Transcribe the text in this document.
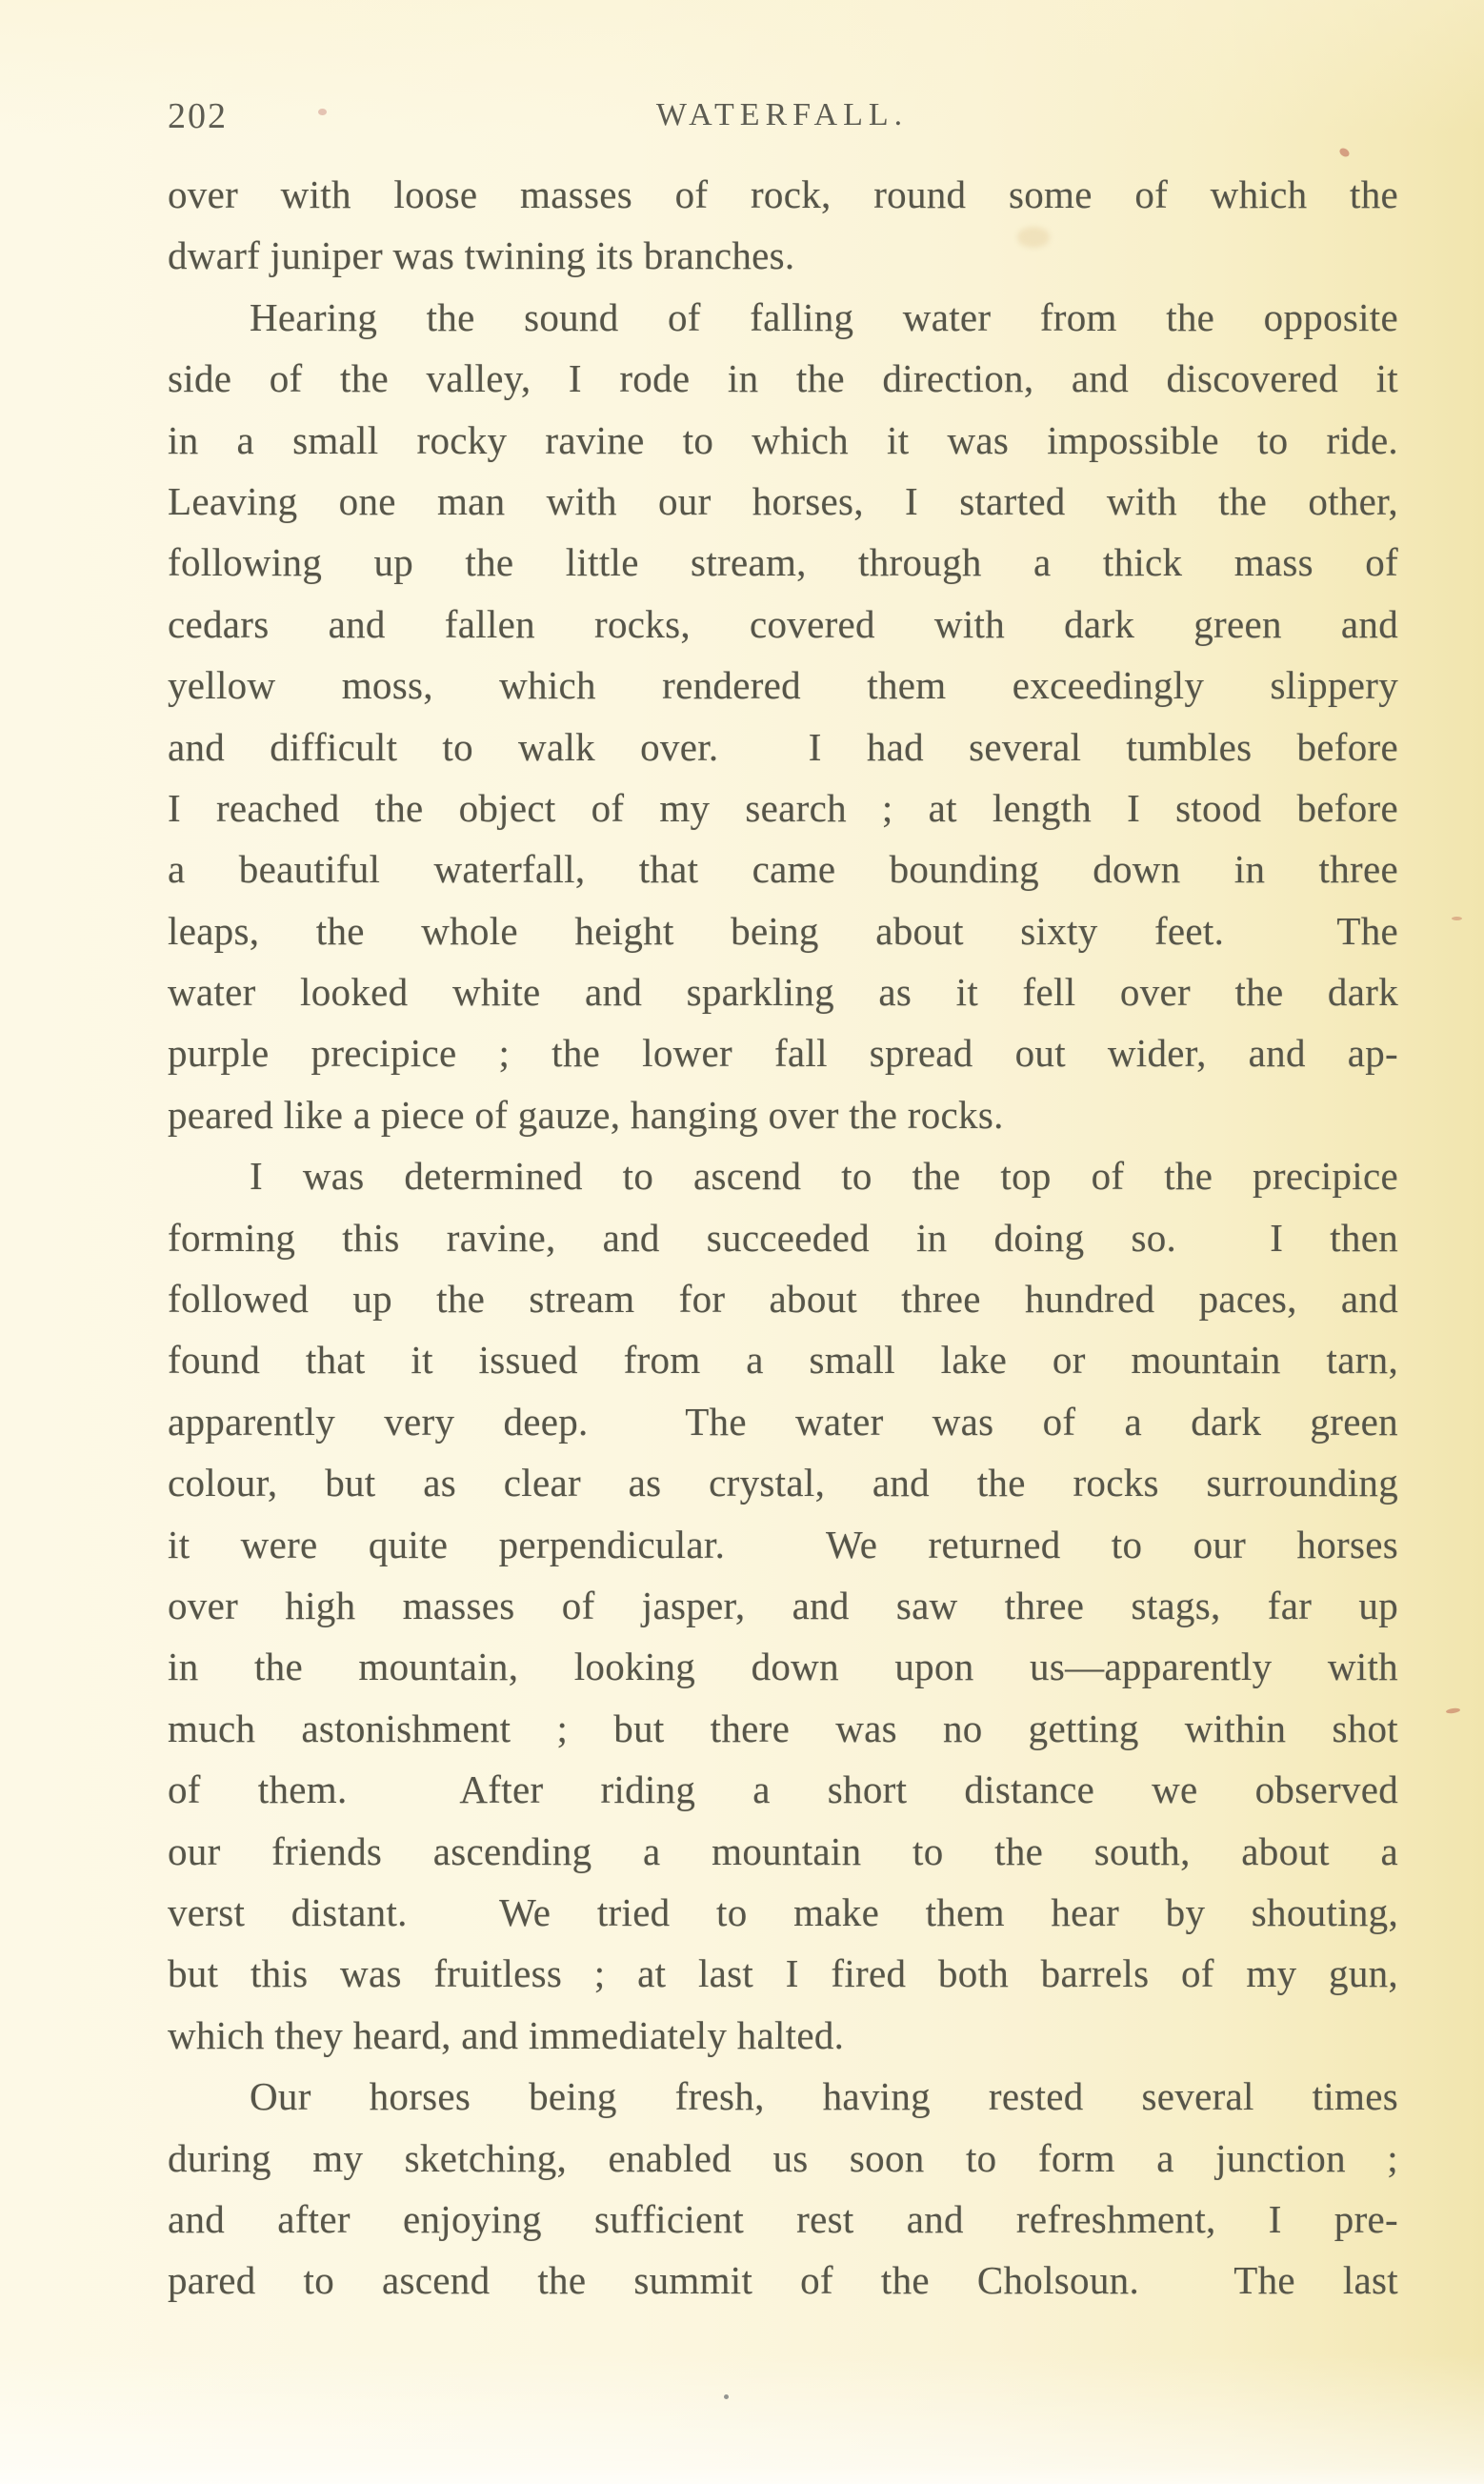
202	WATERFALL.
over with loose masses of rock, round some of which the
dwarf juniper was twining its branches.
Hearing the sound of falling water from the opposite
side of the valley, I rode in the direction, and discovered it
in a small rocky ravine to which it was impossible to ride.
Leaving one man with our horses, I started with the other,
following up the little stream, through a thick mass of
cedars and fallen rocks, covered with dark green and
yellow moss, which rendered them exceedingly slippery
and difficult to walk over.  I had several tumbles before
I reached the object of my search ; at length I stood before
a beautiful waterfall, that came bounding down in three
leaps, the whole height being about sixty feet.  The
water looked white and sparkling as it fell over the dark
purple precipice ; the lower fall spread out wider, and ap-
peared like a piece of gauze, hanging over the rocks.
I was determined to ascend to the top of the precipice
forming this ravine, and succeeded in doing so.  I then
followed up the stream for about three hundred paces, and
found that it issued from a small lake or mountain tarn,
apparently very deep.  The water was of a dark green
colour, but as clear as crystal, and the rocks surrounding
it were quite perpendicular.  We returned to our horses
over high masses of jasper, and saw three stags, far up
in the mountain, looking down upon us—apparently with
much astonishment ; but there was no getting within shot
of them.  After riding a short distance we observed
our friends ascending a mountain to the south, about a
verst distant.  We tried to make them hear by shouting,
but this was fruitless ; at last I fired both barrels of my gun,
which they heard, and immediately halted.
Our horses being fresh, having rested several times
during my sketching, enabled us soon to form a junction ;
and after enjoying sufficient rest and refreshment, I pre-
pared to ascend the summit of the Cholsoun.  The last
